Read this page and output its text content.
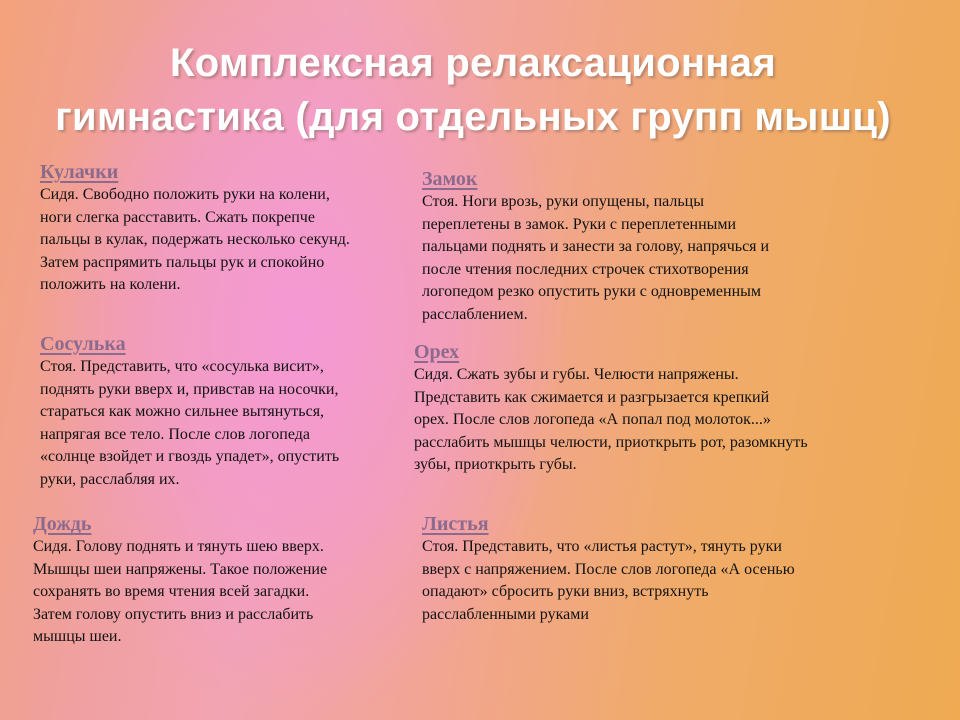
Комплексная релаксационная
гимнастика (для отдельных групп мышц)
Кулачки
Сидя. Свободно положить руки на колени,
ноги слегка расставить. Сжать покрепче
пальцы в кулак, подержать несколько секунд.
Затем распрямить пальцы рук и спокойно
положить на колени.
Замок
Стоя. Ноги врозь, руки опущены, пальцы
переплетены в замок. Руки с переплетенными
пальцами поднять и занести за голову, напрячься и
после чтения последних строчек стихотворения
логопедом резко опустить руки с одновременным
расслаблением.
Сосулька
Стоя. Представить, что «сосулька висит»,
поднять руки вверх и, привстав на носочки,
стараться как можно сильнее вытянуться,
напрягая все тело. После слов логопеда
«солнце взойдет и гвоздь упадет», опустить
руки, расслабляя их.
Орех
Сидя. Сжать зубы и губы. Челюсти напряжены.
Представить как сжимается и разгрызается крепкий
орех. После слов логопеда «А попал под молоток...»
расслабить мышцы челюсти, приоткрыть рот, разомкнуть
зубы, приоткрыть губы.
Дождь
Сидя. Голову поднять и тянуть шею вверх.
Мышцы шеи напряжены. Такое положение
сохранять во время чтения всей загадки.
Затем голову опустить вниз и расслабить
мышцы шеи.
Листья
Стоя. Представить, что «листья растут», тянуть руки
вверх с напряжением. После слов логопеда «А осенью
опадают» сбросить руки вниз, встряхнуть
расслабленными руками
